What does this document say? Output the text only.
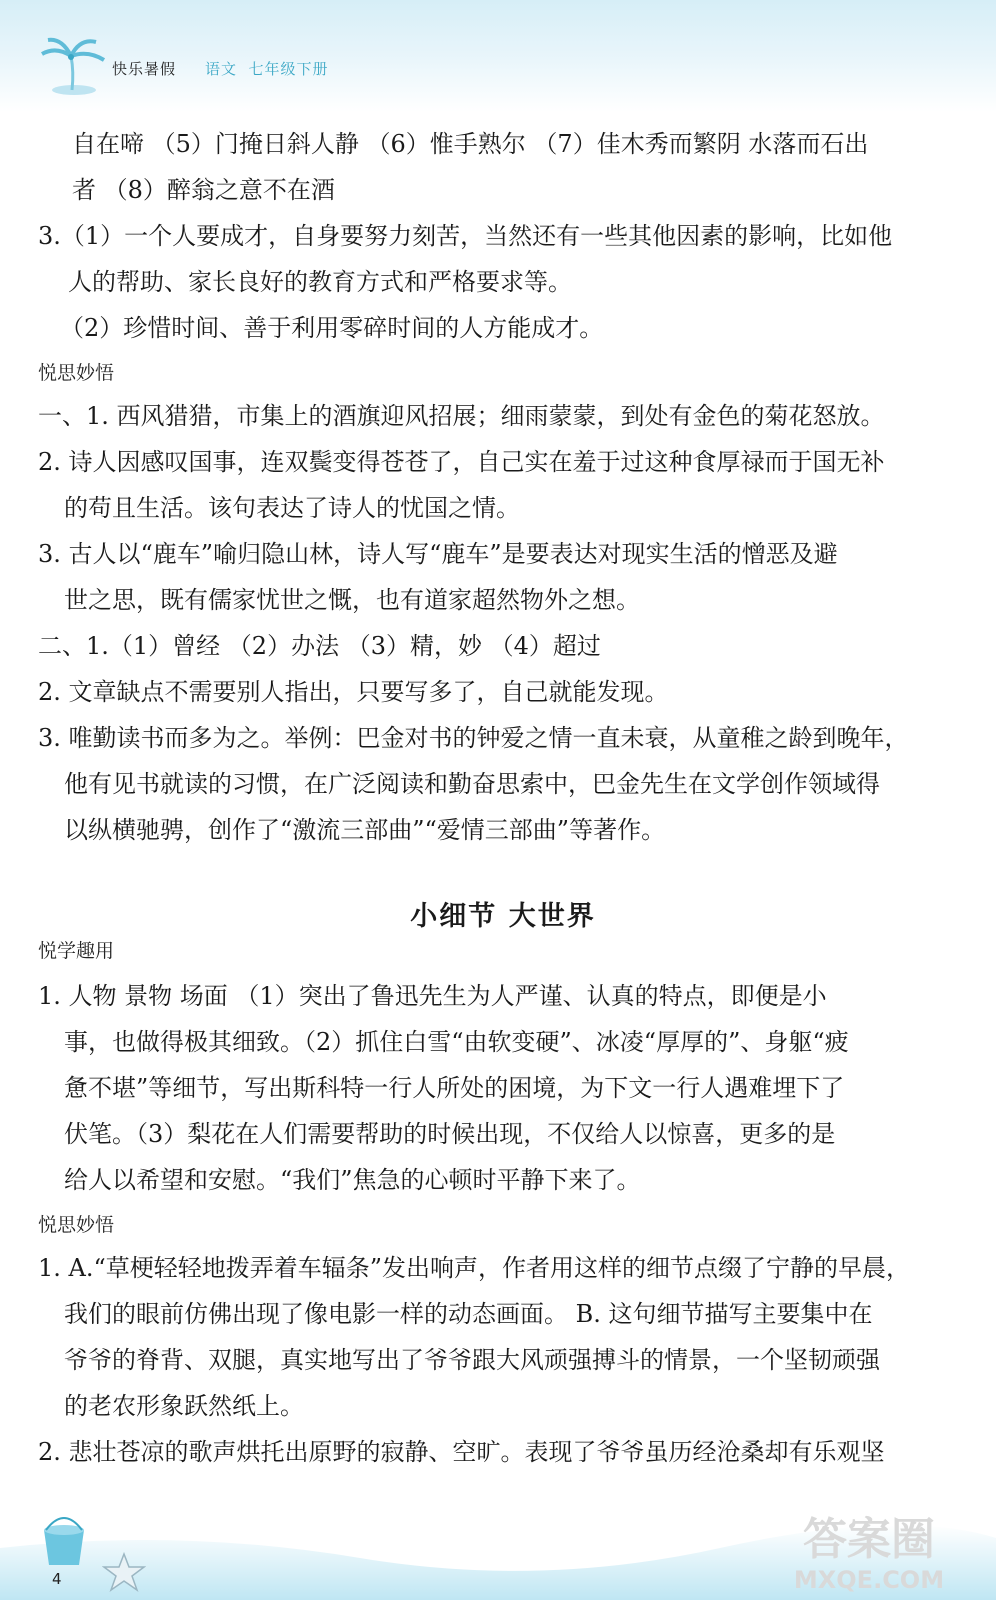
快乐暑假 语文  七年级下册
自在啼 （5）门掩日斜人静 （6）惟手熟尔 （7）佳木秀而繁阴 水落而石出
者 （8）醉翁之意不在酒
3.（1）一个人要成才，自身要努力刻苦，当然还有一些其他因素的影响，比如他
人的帮助、家长良好的教育方式和严格要求等。
（2）珍惜时间、善于利用零碎时间的人方能成才。
悦思妙悟
一、1. 西风猎猎，市集上的酒旗迎风招展；细雨蒙蒙，到处有金色的菊花怒放。
2. 诗人因感叹国事，连双鬓变得苍苍了，自己实在羞于过这种食厚禄而于国无补
的苟且生活。该句表达了诗人的忧国之情。
3. 古人以“鹿车”喻归隐山林，诗人写“鹿车”是要表达对现实生活的憎恶及避
世之思，既有儒家忧世之慨，也有道家超然物外之想。
二、1.（1）曾经 （2）办法 （3）精，妙 （4）超过
2. 文章缺点不需要别人指出，只要写多了，自己就能发现。
3. 唯勤读书而多为之。举例：巴金对书的钟爱之情一直未衰，从童稚之龄到晚年，
他有见书就读的习惯，在广泛阅读和勤奋思索中，巴金先生在文学创作领域得
以纵横驰骋，创作了“激流三部曲”“爱情三部曲”等著作。
小细节 大世界
悦学趣用
1. 人物 景物 场面 （1）突出了鲁迅先生为人严谨、认真的特点，即便是小
事，也做得极其细致。（2）抓住白雪“由软变硬”、冰凌“厚厚的”、身躯“疲
惫不堪”等细节，写出斯科特一行人所处的困境，为下文一行人遇难埋下了
伏笔。（3）梨花在人们需要帮助的时候出现，不仅给人以惊喜，更多的是
给人以希望和安慰。“我们”焦急的心顿时平静下来了。
悦思妙悟
1. A.“草梗轻轻地拨弄着车辐条”发出响声，作者用这样的细节点缀了宁静的早晨，
我们的眼前仿佛出现了像电影一样的动态画面。 B. 这句细节描写主要集中在
爷爷的脊背、双腿，真实地写出了爷爷跟大风顽强搏斗的情景，一个坚韧顽强
的老农形象跃然纸上。
2. 悲壮苍凉的歌声烘托出原野的寂静、空旷。表现了爷爷虽历经沧桑却有乐观坚
4
答案圈
MXQE.COM
